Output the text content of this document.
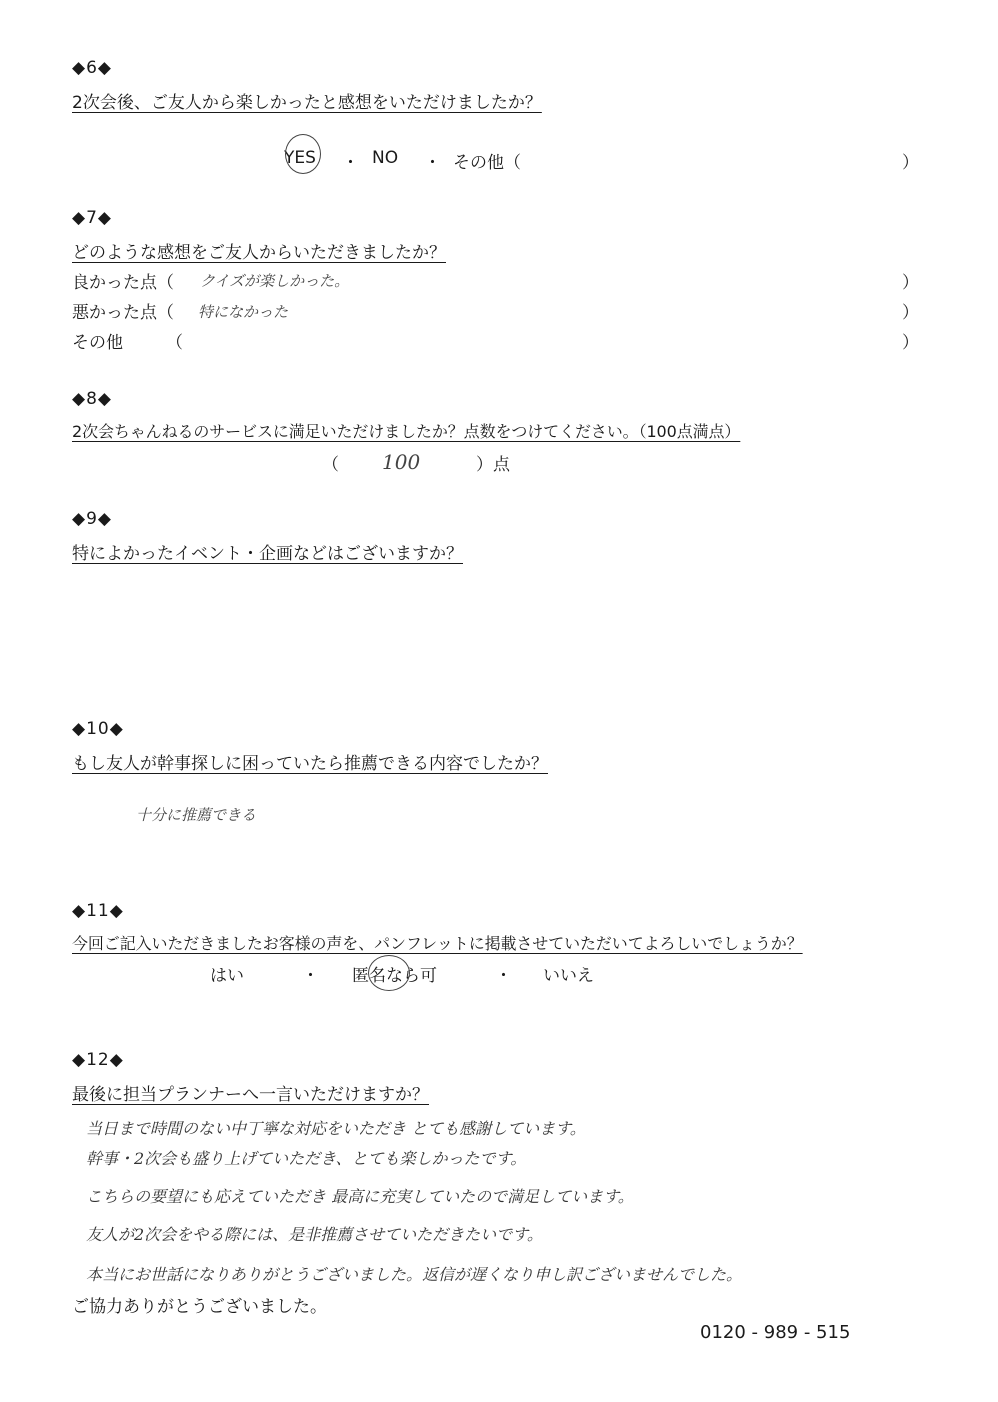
◆6◆
2次会後、ご友人から楽しかったと感想をいただけましたか？
YES ・ NO ・ その他（	）
◆7◆
どのような感想をご友人からいただきましたか？
良かった点（ クイズが楽しかった。	）
悪かった点（ 特になかった	）
その他	（	）
◆8◆
2次会ちゃんねるのサービスに満足いただけましたか？点数をつけてください。（100点満点）
（ 100	）点
◆9◆
特によかったイベント・企画などはございますか？
◆10◆
もし友人が幹事探しに困っていたら推薦できる内容でしたか？
十分に推薦できる
◆11◆
今回ご記入いただきましたお客様の声を、パンフレットに掲載させていただいてよろしいでしょうか？
はい	・ 匿名なら可	・ いいえ
◆12◆
最後に担当プランナーへ一言いただけますか？
当日まで時間のない中丁寧な対応をいただき とても感謝しています。
幹事・2次会も盛り上げていただき、とても楽しかったです。
こちらの要望にも応えていただき 最高に充実していたので満足しています。
友人が2次会をやる際には、是非推薦させていただきたいです。
本当にお世話になりありがとうございました。返信が遅くなり申し訳ございませんでした。
ご協力ありがとうございました。
0120 - 989 - 515
